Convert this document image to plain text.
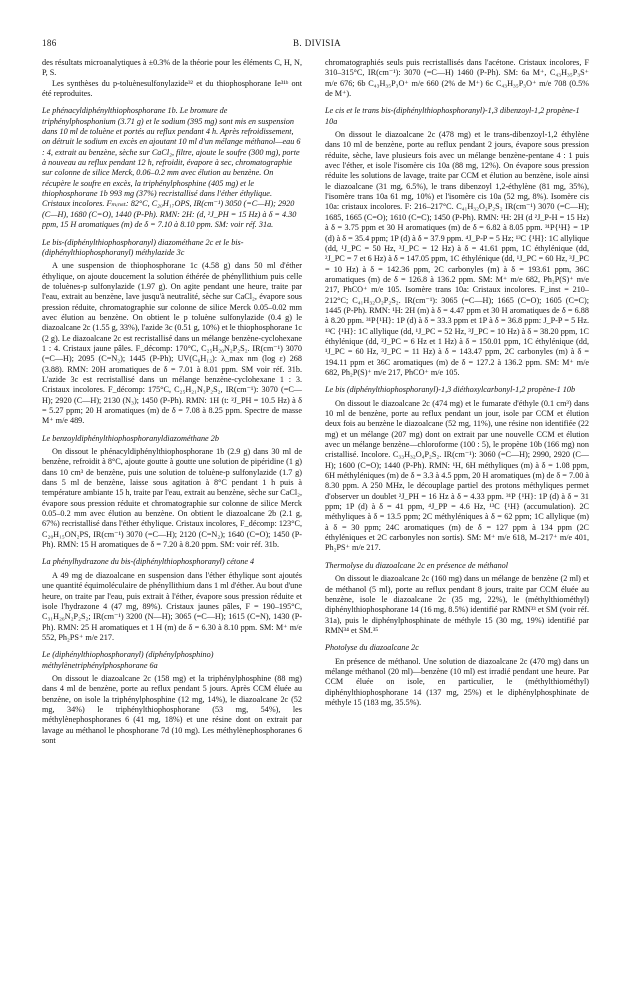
186	B. DIVISIA

des résultats microanalytiques à ±0.3% de la théorie pour les éléments C, H, N, P, S.

Les synthèses du p-toluènesulfonylazide³² et du thiophosphorane Ie³¹ᵇ ont été reproduites.

Le phénacyldiphénylthiophosphorane 1b. Le bromure de triphénylphosphonium (3.71 g) et le sodium (395 mg) sont mis en suspension dans 10 ml de toluène et portés au reflux pendant 4 h. Après refroidissement, on détruit le sodium en excès en ajoutant 10 ml d'un mélange méthanol—eau 6 : 4, extrait au benzène, sèche sur CaCl₂, filtre, ajoute le soufre (300 mg), porte à nouveau au reflux pendant 12 h, refroidit, évapore à sec, chromatographie sur colonne de silice Merck, 0.06–0.2 mm avec élution au benzène. On récupère le soufre en excès, la triphénylphosphine (405 mg) et le thiophosphorane 1b 993 mg (37%) recristallisé dans l'éther éthylique. Cristaux incolores. Fₘᵢₙₛₜ: 82°C, C₂₀H₁₇OPS, IR(cm⁻¹) 3050 (=C—H); 2920 (C—H), 1680 (C=O), 1440 (P-Ph). RMN: 2H: (d, ²J_PH = 15 Hz) à δ = 4.30 ppm, 15 H aromatiques (m) de δ = 7.10 à 8.10 ppm. SM: voir réf. 31a.
Le bis-(diphénylthiophosphoranyl) diazométhane 2c et le bis-(diphénylthiophosphoranyl) méthylazide 3c

A une suspension de thiophosphorane 1c (4.58 g) dans 50 ml d'éther éthylique, on ajoute doucement la solution éthérée de phényllithium puis celle de toluènes-p sulfonylazide (1.97 g). On agite pendant une heure, traite par l'eau, extrait au benzène, lave jusqu'à neutralité, sèche sur CaCl₂, évapore sous pression réduite, chromatographie sur colonne de silice Merck 0.05–0.02 mm avec élution au benzène. On obtient le p toluène sulfonylazide (0.4 g) le diazoalcane 2c (1.55 g, 33%), l'azide 3c (0.51 g, 10%) et le thiophosphorane 1c (2 g). Le diazoalcane 2c est recristallisé dans un mélange benzène-cyclohexane 1 : 4. Cristaux jaune pâles. F_décomp: 170°C, C₂₅H₂₀N₂P₂S₂. IR(cm⁻¹) 3070 (=C—H); 2095 (C=N₂); 1445 (P-Ph); UV(C₆H₁₂): λ_max nm (log ε) 268 (3.88). RMN: 20H aromatiques de δ = 7.01 à 8.01 ppm. SM voir réf. 31b. L'azide 3c est recristallisé dans un mélange benzène-cyclohexane 1 : 3. Cristaux incolores. F_décomp: 175°C, C₂₅H₂₁N₃P₂S₂, IR(cm⁻¹): 3070 (=C—H); 2920 (C—H); 2130 (N₃); 1450 (P-Ph). RMN: 1H (t: ²J_PH = 10.5 Hz) à δ = 5.27 ppm; 20 H aromatiques (m) de δ = 7.08 à 8.25 ppm. Spectre de masse M⁺ m/e 489.

Le benzoyldiphénylthiophosphoranyldiazométhane 2b

On dissout le phénacyldiphénylthiophosphorane 1b (2.9 g) dans 30 ml de benzène, refroidit à 8°C, ajoute goutte à goutte une solution de pipéridine (1 g) dans 10 cm³ de benzène, puis une solution de toluène-p sulfonylazide (1.7 g) dans 5 ml de benzène, laisse sous agitation à 8°C pendant 1 h puis à température ambiante 15 h, traite par l'eau, extrait au benzène, sèche sur CaCl₂, évapore sous pression réduite et chromatographie sur colonne de silice Merck 0.05–0.2 mm avec élution au benzène. On obtient le diazoalcane 2b (2.1 g, 67%) recristallisé dans l'éther éthylique. Cristaux incolores, F_décomp: 123°C, C₂₀H₁₅ON₂PS, IR(cm⁻¹) 3070 (=C—H); 2120 (C=N₂); 1640 (C=O); 1450 (P-Ph). RMN: 15 H aromatiques de δ = 7.20 à 8.20 ppm. SM: voir réf. 31b.

La phénylhydrazone du bis-(diphénylthiophosphoranyl) cétone 4

A 49 mg de diazoalcane en suspension dans l'éther éthylique sont ajoutés une quantité équimoléculaire de phényllithium dans 1 ml d'éther. Au bout d'une heure, on traite par l'eau, puis extrait à l'éther, évapore sous pression réduite et isole l'hydrazone 4 (47 mg, 89%). Cristaux jaunes pâles, F = 190–195°C, C₃₁H₂₆N₂P₂S₂; IR(cm⁻¹) 3200 (N—H); 3065 (=C—H); 1615 (C=N), 1430 (P-Ph). RMN: 25 H aromatiques et 1 H (m) de δ = 6.30 à 8.10 ppm. SM: M⁺ m/e 552, Ph₂PS⁺ m/e 217.

Le (diphénylthiophosphoranyl) (diphénylphosphino) méthylènetriphénylphosphorane 6a

On dissout le diazoalcane 2c (158 mg) et la triphénylphosphine (88 mg) dans 4 ml de benzène, porte au reflux pendant 5 jours. Après CCM éluée au benzène, on isole la triphénylphosphine (12 mg, 14%), le diazoalcane 2c (52 mg, 34%) le triphénylthiophosphorane (53 mg, 54%), les méthylènephosphoranes 6 (41 mg, 18%) et une résine dont on extrait par lavage au méthanol le phosphorane 7d (10 mg). Les méthylènephosphoranes 6 sont

chromatographiés seuls puis recristallisés dans l'acétone. Cristaux incolores, F 310–315°C, IR(cm⁻¹): 3070 (=C—H) 1460 (P-Ph). SM: 6a M⁺, C₄₃H₃₅P₃S⁺ m/e 676; 6b C₄₃H₃₅P₃O⁺ m/e 660 (2% de M⁺) 6c C₄₃H₃₅P₃O⁺ m/e 708 (0.5% de M⁺).

Le cis et le trans bis-(diphénylthiophosphoranyl)-1,3 dibenzoyl-1,2 propène-1 10a

On dissout le diazoalcane 2c (478 mg) et le trans-dibenzoyl-1,2 éthylène dans 10 ml de benzène, porte au reflux pendant 2 jours, évapore sous pression réduite, sèche, lave plusieurs fois avec un mélange benzène-pentane 4 : 1 puis avec l'éther, et isole l'isomère cis 10a (88 mg, 12%). On évapore sous pression réduite les solutions de lavage, traite par CCM et élution au benzène, isole ainsi le diazoalcane (31 mg, 6.5%), le trans dibenzoyl 1,2-éthylène (81 mg, 35%), l'isomère trans 10a 61 mg, 10%) et l'isomère cis 10a (52 mg, 8%). Isomère cis 10a: cristaux incolores. F: 216–217°C. C₄₁H₃₂O₂P₂S₂ IR(cm⁻¹) 3070 (=C—H); 1685, 1665 (C=O); 1610 (C=C); 1450 (P-Ph). RMN: ¹H: 2H (d ²J_P-H = 15 Hz) à δ = 3.75 ppm et 30 H aromatiques (m) de δ = 6.82 à 8.05 ppm. ³¹P{¹H} = 1P (d) à δ = 35.4 ppm; 1P (d) à δ = 37.9 ppm. ⁴J_P-P = 5 Hz; ¹³C {¹H}: 1C allylique (dd, ¹J_PC = 50 Hz, ³J_PC = 12 Hz) à δ = 41.61 ppm, 1C éthylénique (dd, ²J_PC = 7 et 6 Hz) à δ = 147.05 ppm, 1C éthylénique (dd, ¹J_PC = 60 Hz, ³J_PC = 10 Hz) à δ = 142.36 ppm, 2C carbonyles (m) à δ = 193.61 ppm, 36C aromatiques (m) de δ = 126.8 à 136.2 ppm. SM: M⁺ m/e 682, Ph₂P(S)⁺ m/e 217, PhCO⁺ m/e 105. Isomère trans 10a: Cristaux incolores. F_inst = 210–212°C; C₄₁H₃₂O₂P₂S₂. IR(cm⁻¹): 3065 (=C—H); 1665 (C=O); 1605 (C=C); 1445 (P-Ph). RMN: ¹H: 2H (m) à δ = 4.47 ppm et 30 H aromatiques de δ = 6.88 à 8.20 ppm. ³¹P{¹H}: 1P (d) à δ = 33.3 ppm et 1P à δ = 36.8 ppm: J_P-P = 5 Hz. ¹³C {¹H}: 1C allylique (dd, ¹J_PC = 52 Hz, ³J_PC = 10 Hz) à δ = 38.20 ppm, 1C éthylénique (dd, ²J_PC = 6 Hz et 1 Hz) à δ = 150.01 ppm, 1C éthylénique (dd, ¹J_PC = 60 Hz, ³J_PC = 11 Hz) à δ = 143.47 ppm, 2C carbonyles (m) à δ = 194.11 ppm et 36C aromatiques (m) de δ = 127.2 à 136.2 ppm. SM: M⁺ m/e 682, Ph₂P(S)⁺ m/e 217, PhCO⁺ m/e 105.

Le bis (diphénylthiophosphoranyl)-1,3 diéthoxylcarbonyl-1,2 propène-1 10b

On dissout le diazoalcane 2c (474 mg) et le fumarate d'éthyle (0.1 cm³) dans 10 ml de benzène, porte au reflux pendant un jour, isole par CCM et élution deux fois au benzène le diazoalcane (52 mg, 11%), une résine non identifiée (22 mg) et un mélange (207 mg) dont on extrait par une nouvelle CCM et élution avec un mélange benzène—chloroforme (100 : 5), le propène 10b (166 mg) non cristallisé. Incolore. C₃₃H₃₂O₄P₂S₂. IR(cm⁻¹): 3060 (=C—H); 2990, 2920 (C—H); 1600 (C=O); 1440 (P-Ph). RMN: ¹H, 6H méthyliques (m) à δ = 1.08 ppm, 6H méthyléniques (m) de δ = 3.3 à 4.5 ppm, 20 H aromatiques (m) de δ = 7.00 à 8.30 ppm. A 250 MHz, le découplage partiel des protons méthyliques permet d'observer un doublet ²J_PH = 16 Hz à δ = 4.33 ppm. ³¹P {¹H}: 1P (d) à δ = 31 ppm; 1P (d) à δ = 41 ppm, ⁴J_PP = 4.6 Hz, ¹³C {¹H} (accumulation). 2C méthyliques à δ = 13.5 ppm; 2C méthyléniques à δ = 62 ppm; 1C allylique (m) à δ = 30 ppm; 24C aromatiques (m) de δ = 127 ppm à 134 ppm (2C éthyléniques et 2C carbonyles non sortis). SM: M⁺ m/e 618, M–217⁺ m/e 401, Ph₂PS⁺ m/e 217.

Thermolyse du diazoalcane 2c en présence de méthanol

On dissout le diazoalcane 2c (160 mg) dans un mélange de benzène (2 ml) et de méthanol (5 ml), porte au reflux pendant 8 jours, traite par CCM éluée au benzène, isole le diazoalcane 2c (35 mg, 22%), le (méthylthiométhyl) diphénylthiophosphorane 14 (16 mg, 8.5%) identifié par RMN³³ et SM (voir réf. 31a), puis le diphénylphosphinate de méthyle 15 (30 mg, 19%) identifié par RMN³⁴ et SM.³⁵

Photolyse du diazoalcane 2c

En présence de méthanol. Une solution de diazoalcane 2c (470 mg) dans un mélange méthanol (20 ml)—benzène (10 ml) est irradié pendant une heure. Par CCM éluée on isole, en particulier, le (méthylthiométhyl) diphénylthiophosphorane 14 (137 mg, 25%) et le diphénylphosphinate de méthyle 15 (183 mg, 35.5%).
